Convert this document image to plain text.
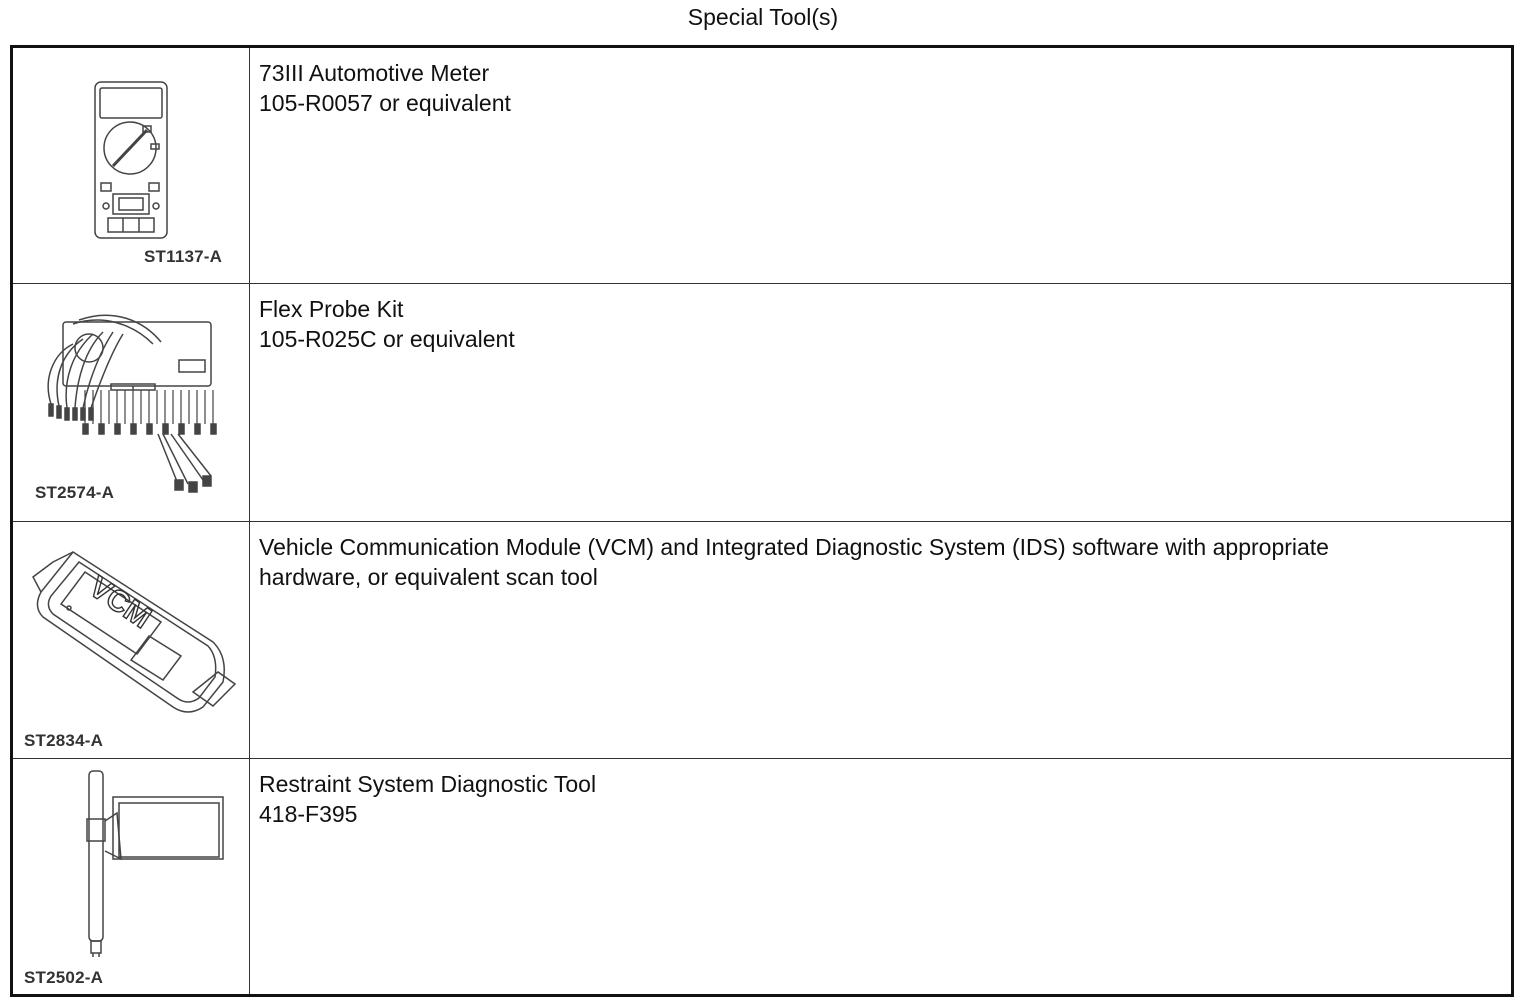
Special Tool(s)
ST1137-A	73III Automotive Meter
105-R0057 or equivalent

ST2574-A	Flex Probe Kit
105-R025C or equivalent

VCM
ST2834-A	Vehicle Communication Module (VCM) and Integrated Diagnostic System (IDS) software with appropriate
hardware, or equivalent scan tool

ST2502-A	Restraint System Diagnostic Tool
418-F395
